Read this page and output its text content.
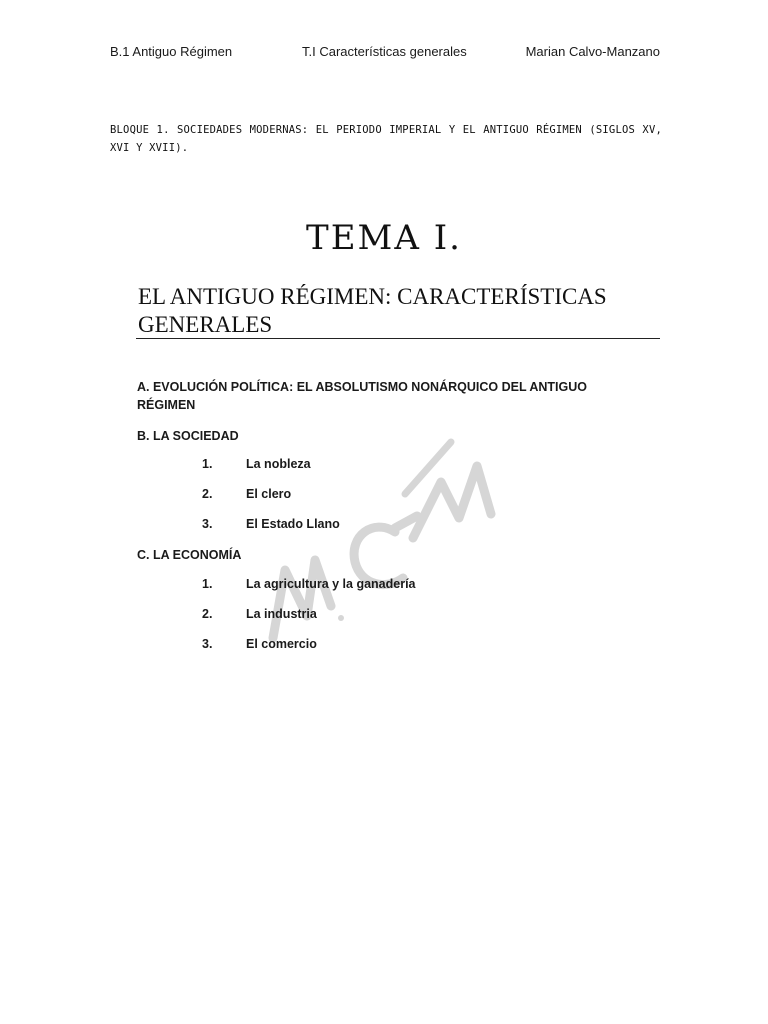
B.1 Antiguo Régimen	T.I Características generales	Marian Calvo-Manzano
BLOQUE 1. SOCIEDADES MODERNAS: EL PERIODO IMPERIAL Y EL ANTIGUO RÉGIMEN (SIGLOS XV, XVI Y XVII).
TEMA I.
EL ANTIGUO RÉGIMEN: CARACTERÍSTICAS GENERALES
A. EVOLUCIÓN POLÍTICA: EL ABSOLUTISMO NONÁRQUICO DEL ANTIGUO RÉGIMEN
B. LA SOCIEDAD
1.	La nobleza
2.	El clero
3.	El Estado Llano
C. LA ECONOMÍA
1.	La agricultura y la ganadería
2.	La industria
3.	El comercio
